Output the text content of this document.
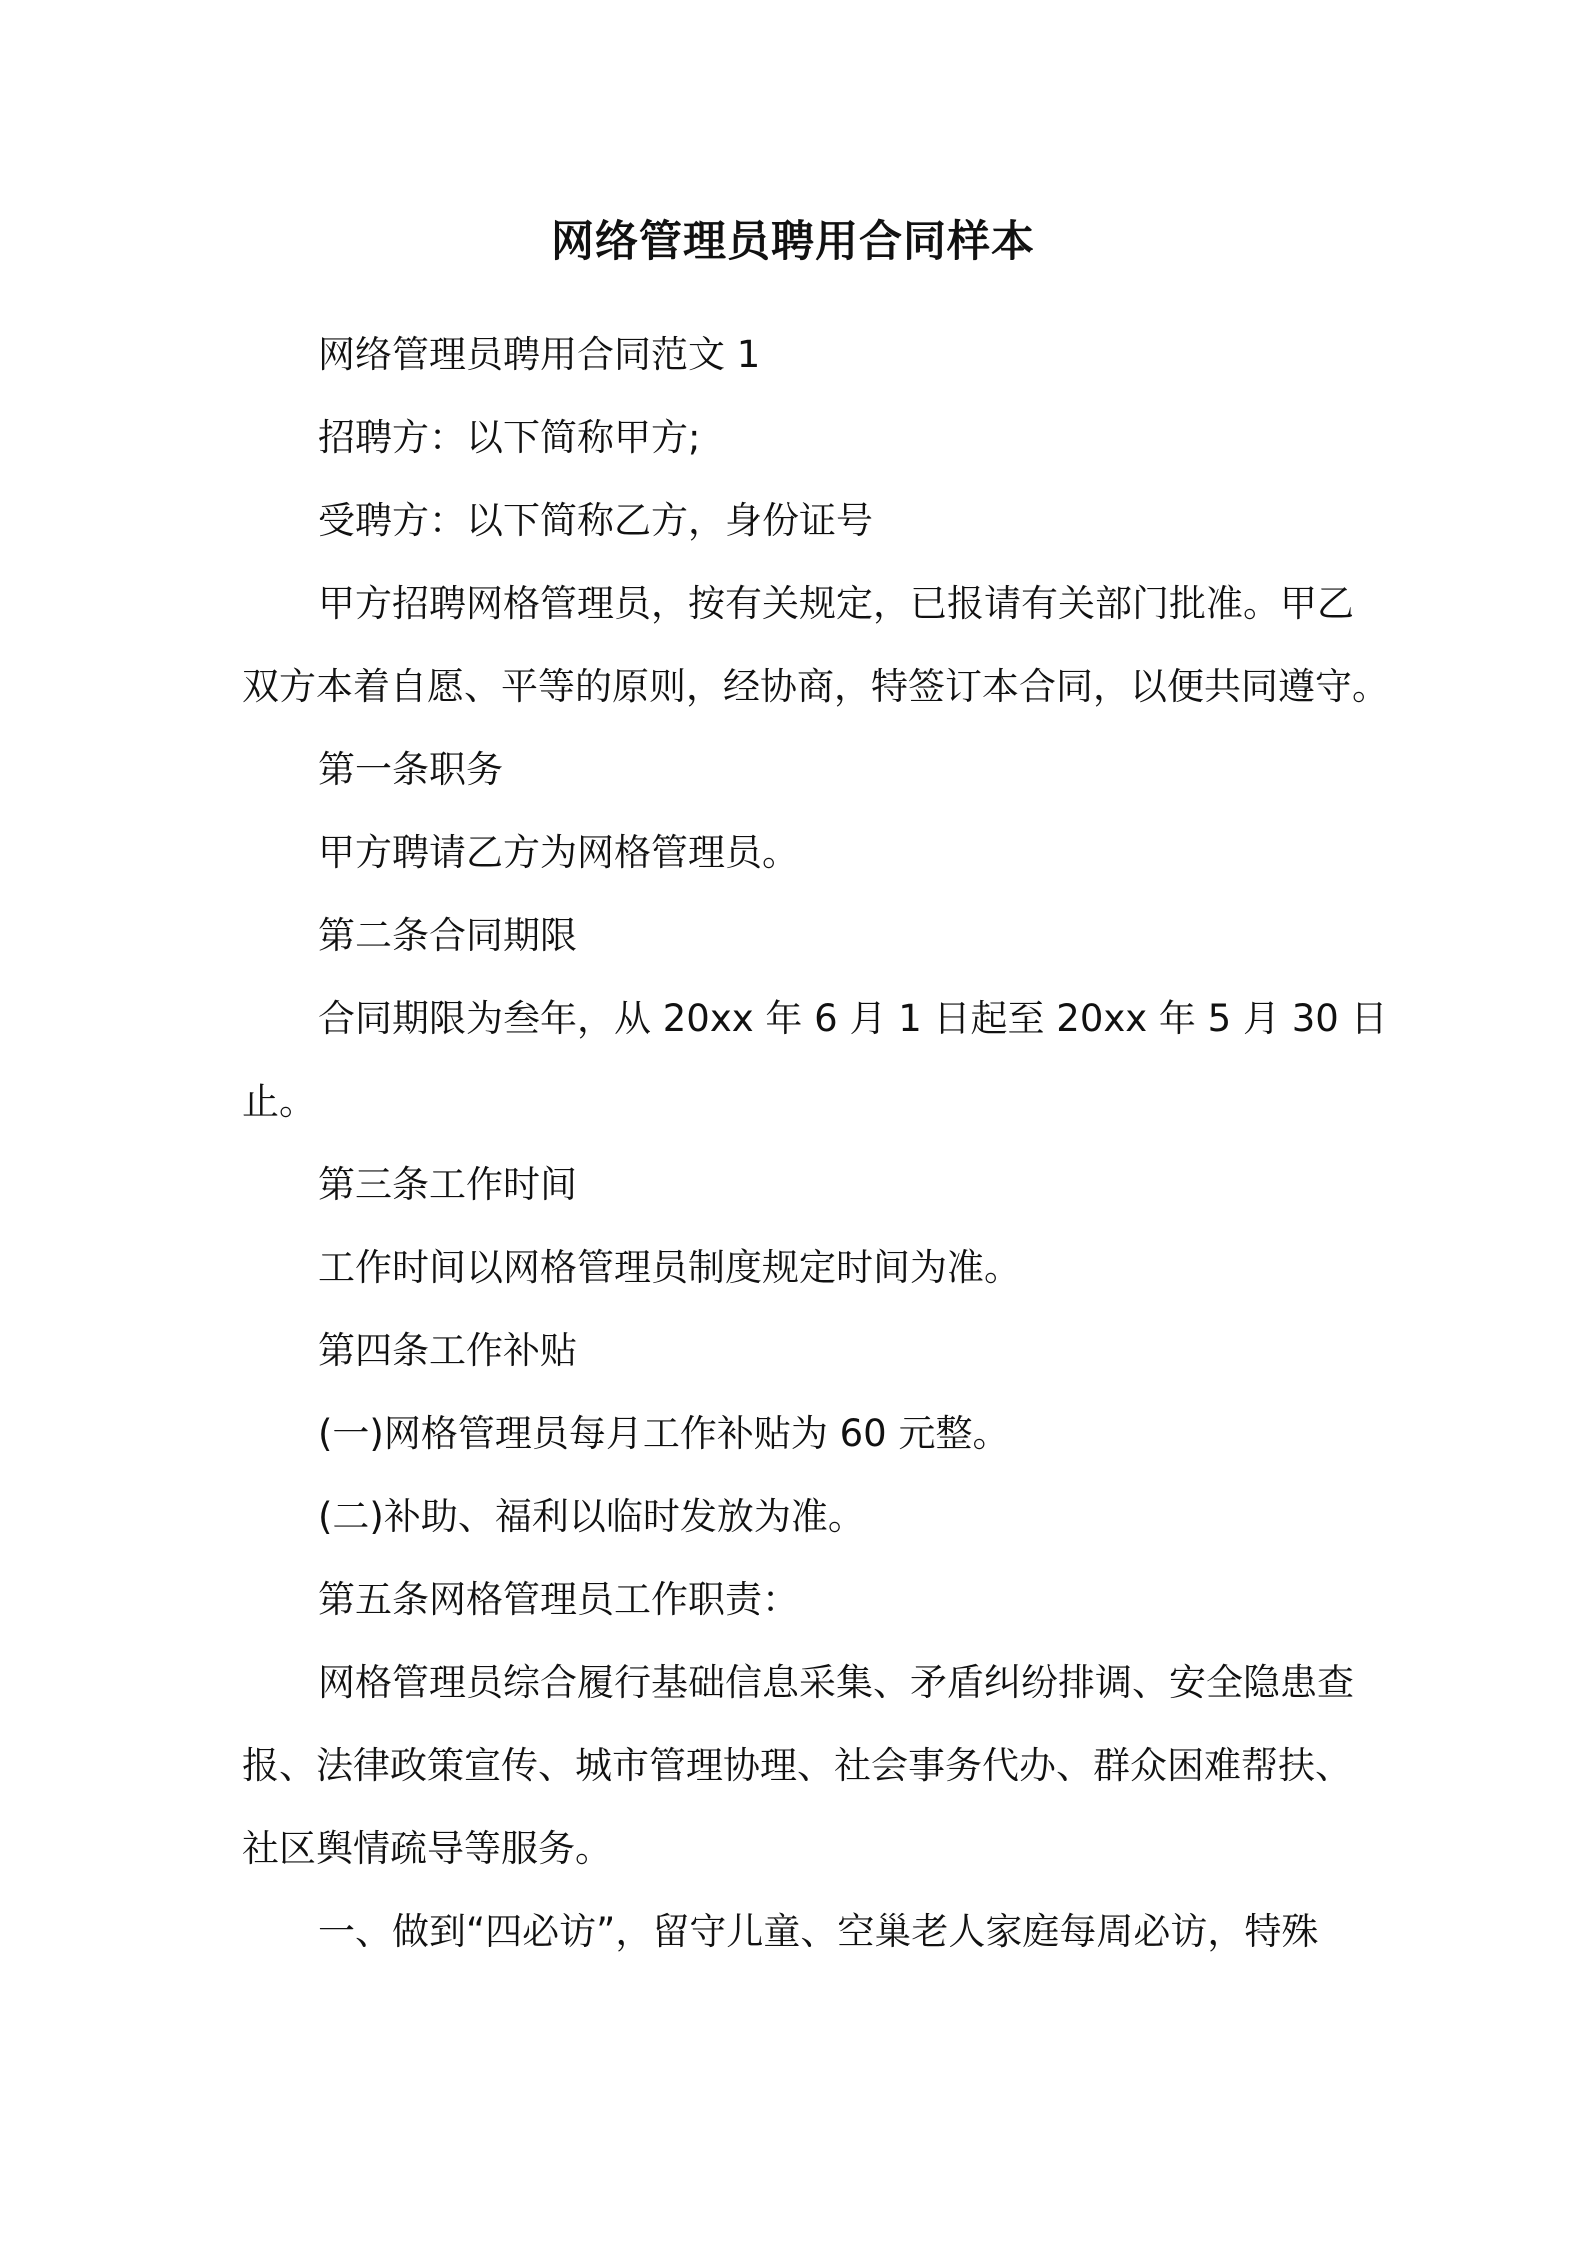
网络管理员聘用合同样本
网络管理员聘用合同范文 1
招聘方：以下简称甲方;
受聘方：以下简称乙方，身份证号
甲方招聘网格管理员，按有关规定，已报请有关部门批准。甲乙
双方本着自愿、平等的原则，经协商，特签订本合同，以便共同遵守。
第一条职务
甲方聘请乙方为网格管理员。
第二条合同期限
合同期限为叁年，从 20xx 年 6 月 1 日起至 20xx 年 5 月 30 日
止。
第三条工作时间
工作时间以网格管理员制度规定时间为准。
第四条工作补贴
(一)网格管理员每月工作补贴为 60 元整。
(二)补助、福利以临时发放为准。
第五条网格管理员工作职责：
网格管理员综合履行基础信息采集、矛盾纠纷排调、安全隐患查
报、法律政策宣传、城市管理协理、社会事务代办、群众困难帮扶、
社区舆情疏导等服务。
一、做到“四必访”，留守儿童、空巢老人家庭每周必访，特殊
